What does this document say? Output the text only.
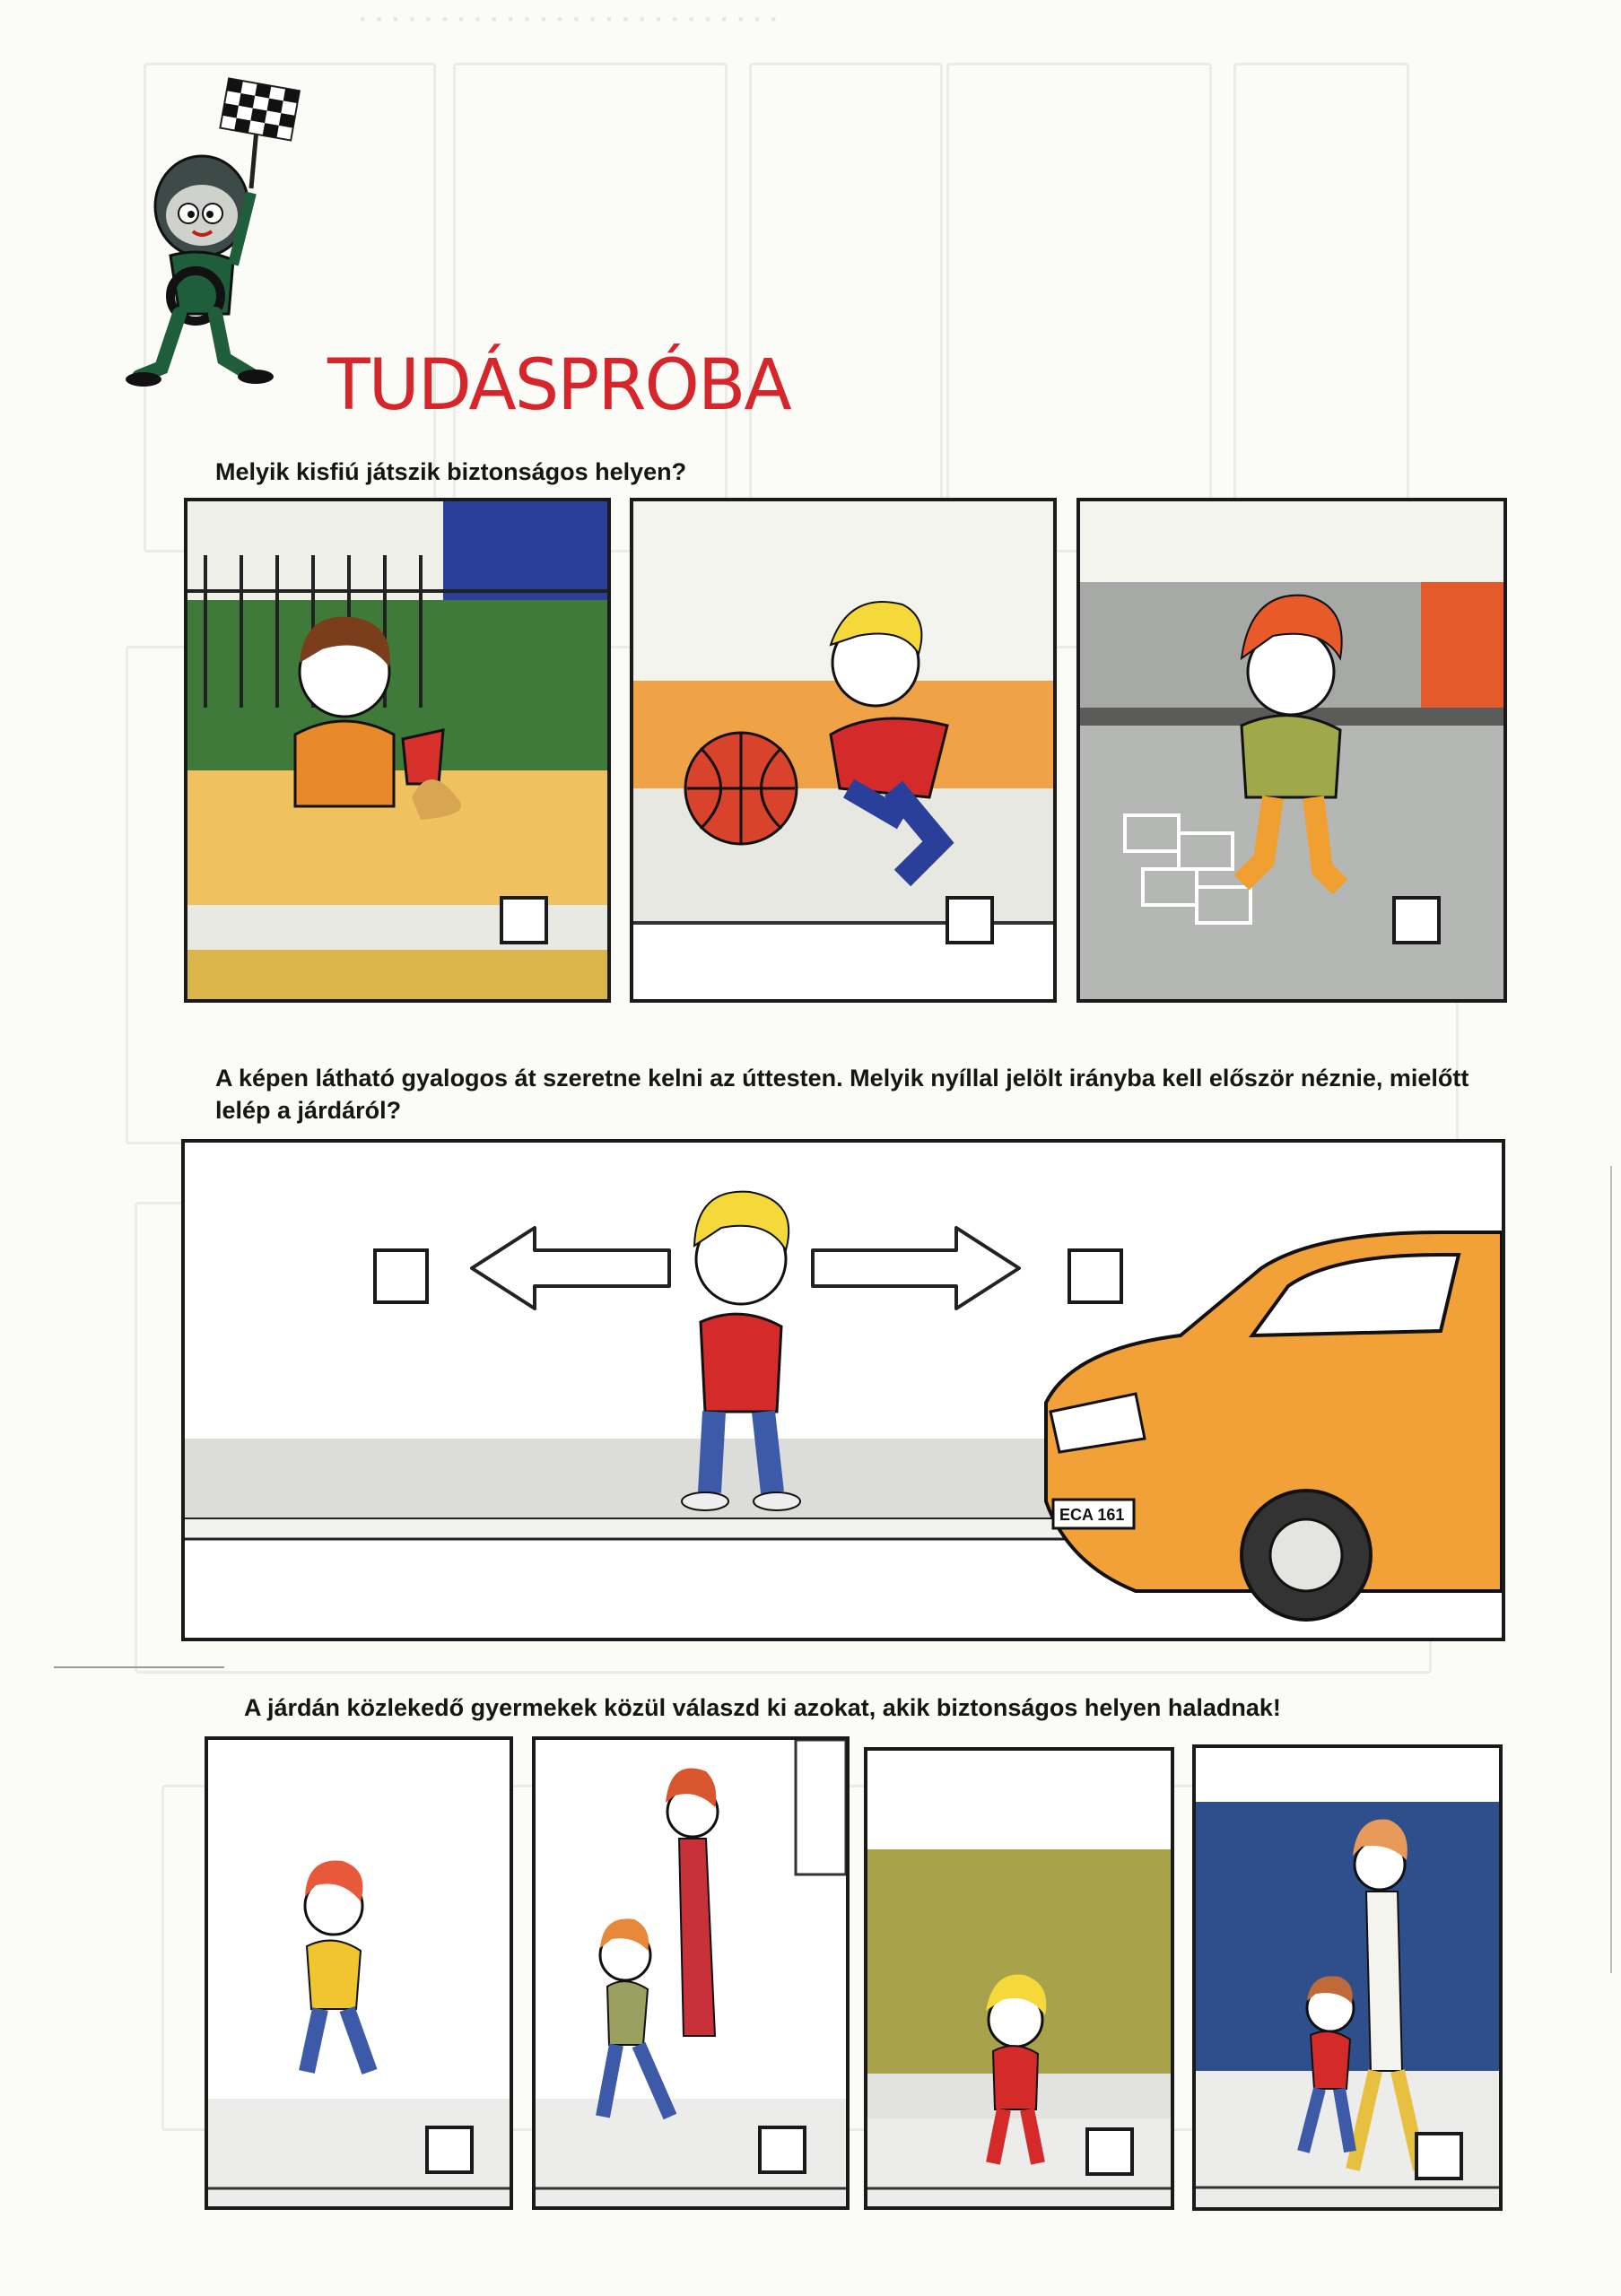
· · · · · · · · · · · · · · · · · · · · · · · · · ·
TUDÁSPRÓBA
Melyik kisfiú játszik biztonságos helyen?
A képen látható gyalogos át szeretne kelni az úttesten. Melyik nyíllal jelölt irányba kell először néznie, mielőtt lelép a járdáról?
ECA 161
A járdán közlekedő gyermekek közül válaszd ki azokat, akik biztonságos helyen haladnak!
